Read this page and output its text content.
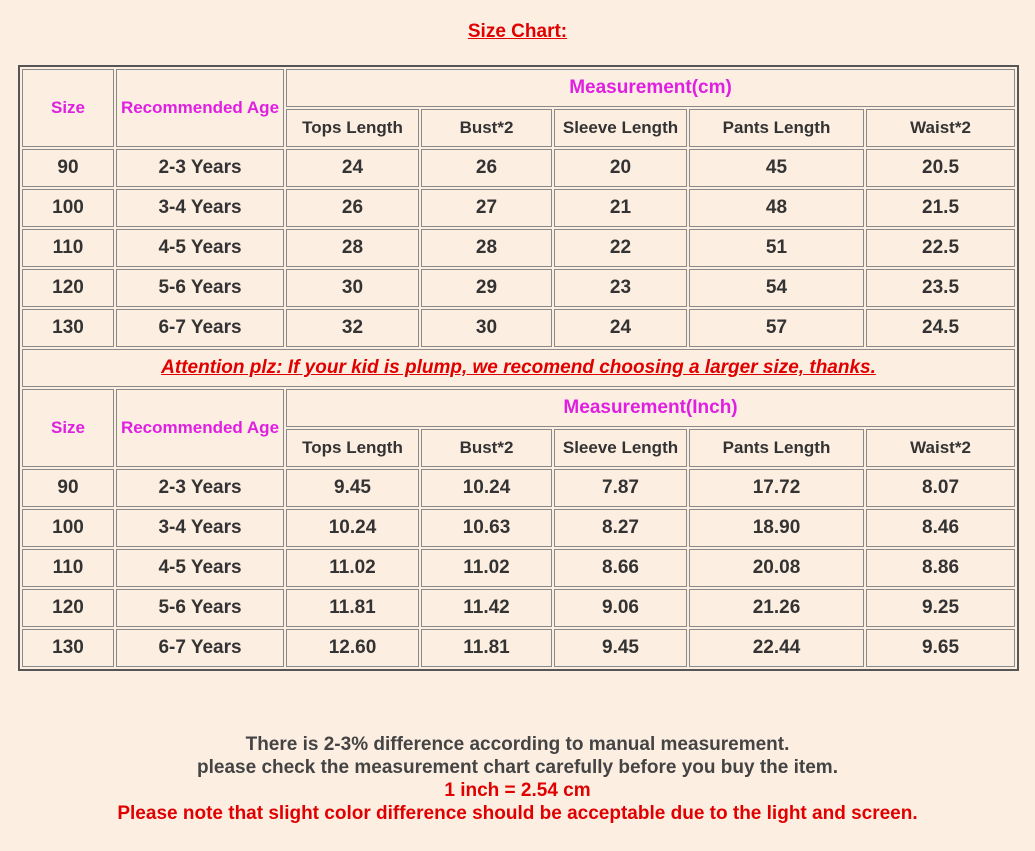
Size Chart:
Size	Recommended Age	Measurement(cm)				
		Tops Length	Bust*2	Sleeve Length	Pants Length	Waist*2
90	2-3 Years	24	26	20	45	20.5
100	3-4 Years	26	27	21	48	21.5
110	4-5 Years	28	28	22	51	22.5
120	5-6 Years	30	29	23	54	23.5
130	6-7 Years	32	30	24	57	24.5
Attention plz: If your kid is plump, we recomend choosing a larger size, thanks.						
Size	Recommended Age	Measurement(Inch)				
		Tops Length	Bust*2	Sleeve Length	Pants Length	Waist*2
90	2-3 Years	9.45	10.24	7.87	17.72	8.07
100	3-4 Years	10.24	10.63	8.27	18.90	8.46
110	4-5 Years	11.02	11.02	8.66	20.08	8.86
120	5-6 Years	11.81	11.42	9.06	21.26	9.25
130	6-7 Years	12.60	11.81	9.45	22.44	9.65
There is 2-3% difference according to manual measurement.
please check the measurement chart carefully before you buy the item.
1 inch = 2.54 cm
Please note that slight color difference should be acceptable due to the light and screen.
